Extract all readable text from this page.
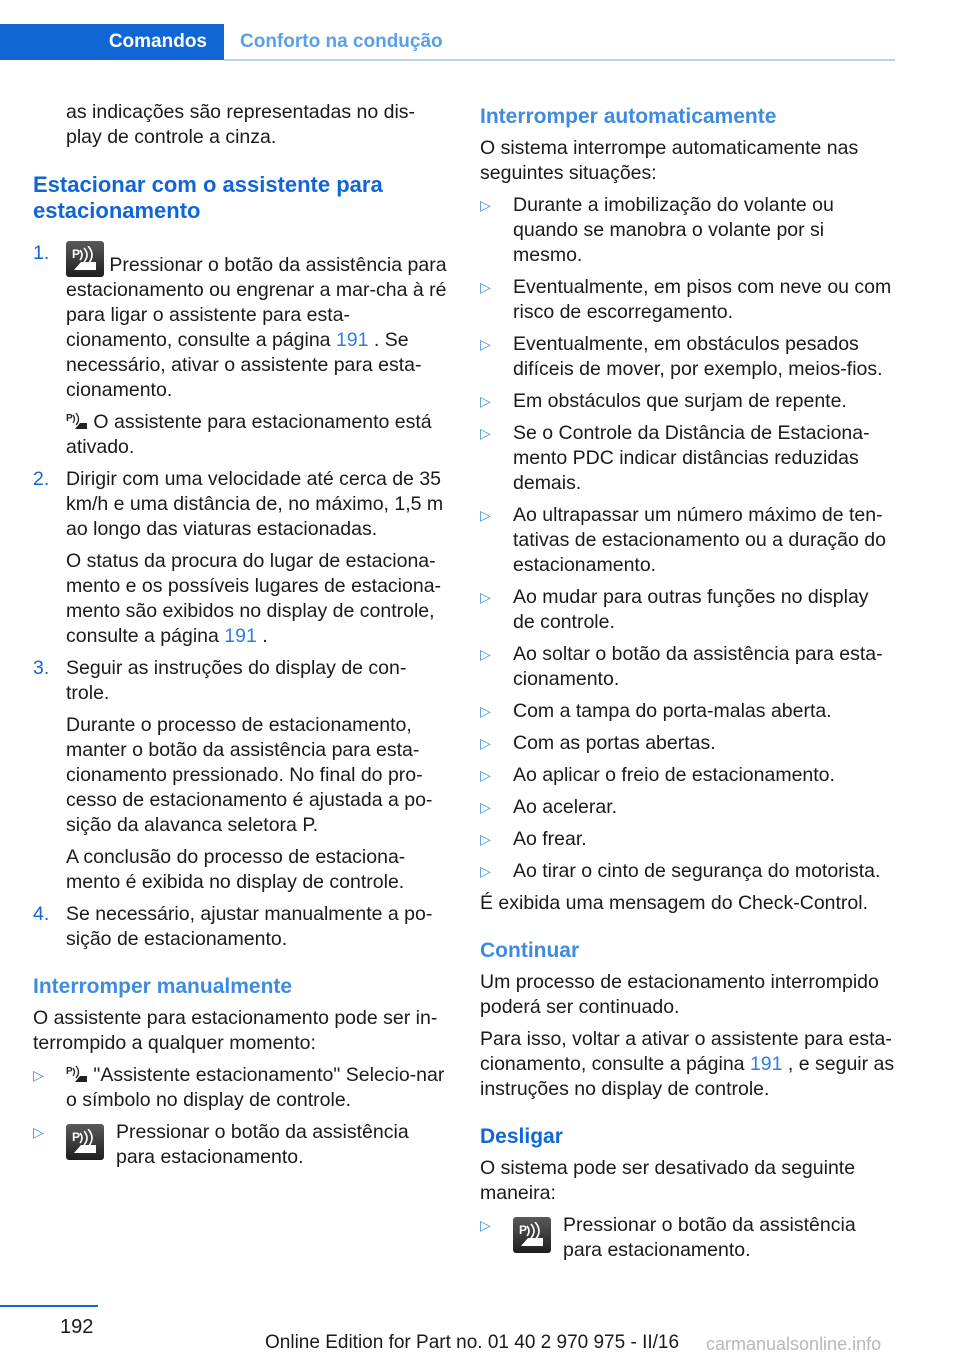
Comandos	Conforto na condução

as indicações são representadas no dis-play de controle a cinza.

Estacionar com o assistente para estacionamento
1.	P Pressionar o botão da assistência para estacionamento ou engrenar a mar-cha à ré para ligar o assistente para esta-cionamento, consulte a página 191 . Se necessário, ativar o assistente para esta-cionamento.

P O assistente para estacionamento está ativado.

2. Dirigir com uma velocidade até cerca de 35 km/h e uma distância de, no máximo, 1,5 m ao longo das viaturas estacionadas.

O status da procura do lugar de estaciona-mento e os possíveis lugares de estaciona-mento são exibidos no display de controle, consulte a página 191 .

3. Seguir as instruções do display de con-trole.

Durante o processo de estacionamento, manter o botão da assistência para esta-cionamento pressionado. No final do pro-cesso de estacionamento é ajustada a po-sição da alavanca seletora P.

A conclusão do processo de estaciona-mento é exibida no display de controle.

4. Se necessário, ajustar manualmente a po-sição de estacionamento.

Interromper manualmente

O assistente para estacionamento pode ser in-terrompido a qualquer momento:

▷	P "Assistente estacionamento" Selecio-nar o símbolo no display de controle.
▷	P Pressionar o botão da assistência para estacionamento.
Interromper automaticamente

O sistema interrompe automaticamente nas seguintes situações:

▷	Durante a imobilização do volante ou quando se manobra o volante por si mesmo.
▷	Eventualmente, em pisos com neve ou com risco de escorregamento.
▷	Eventualmente, em obstáculos pesados difíceis de mover, por exemplo, meios-fios.
▷	Em obstáculos que surjam de repente.
▷	Se o Controle da Distância de Estaciona-mento PDC indicar distâncias reduzidas demais.
▷	Ao ultrapassar um número máximo de ten-tativas de estacionamento ou a duração do estacionamento.
▷	Ao mudar para outras funções no display de controle.
▷	Ao soltar o botão da assistência para esta-cionamento.
▷	Com a tampa do porta-malas aberta.
▷	Com as portas abertas.
▷	Ao aplicar o freio de estacionamento.
▷	Ao acelerar.
▷	Ao frear.
▷	Ao tirar o cinto de segurança do motorista.

É exibida uma mensagem do Check-Control.

Continuar

Um processo de estacionamento interrompido poderá ser continuado.

Para isso, voltar a ativar o assistente para esta-cionamento, consulte a página 191 , e seguir as instruções no display de controle.

Desligar

O sistema pode ser desativado da seguinte maneira:

▷	P Pressionar o botão da assistência para estacionamento.
192
Online Edition for Part no. 01 40 2 970 975 - II/16 carmanualsonline.info
